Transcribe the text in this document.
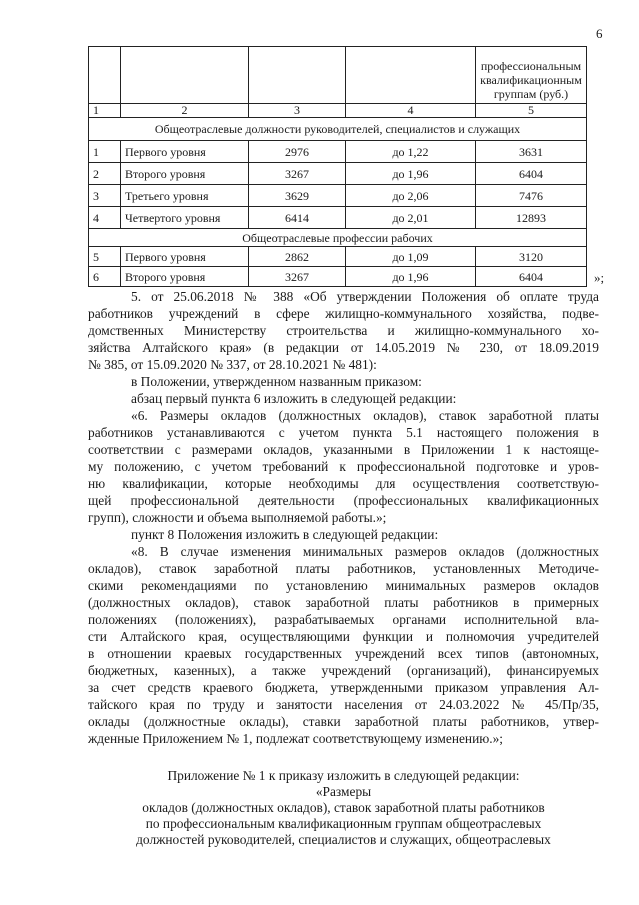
6

				профессиональным
квалификационным
группам (руб.)

1	2	3	4	5
Общеотраслевые должности руководителей, специалистов и служащих				
1	Первого уровня	2976	до 1,22	3631
2	Второго уровня	3267	до 1,96	6404
3	Третьего уровня	3629	до 2,06	7476
4	Четвертого уровня	6414	до 2,01	12893
Общеотраслевые профессии рабочих				
5	Первого уровня	2862	до 1,09	3120
6	Второго уровня	3267	до 1,96	6404	»;
5. от 25.06.2018 № 388 «Об утверждении Положения об оплате труда
работников учреждений в сфере жилищно-коммунального хозяйства, подве-
домственных Министерству строительства и жилищно-коммунального хо-
зяйства Алтайского края» (в редакции от 14.05.2019 № 230, от 18.09.2019
№ 385, от 15.09.2020 № 337, от 28.10.2021 № 481):
в Положении, утвержденном названным приказом:
абзац первый пункта 6 изложить в следующей редакции:
«6. Размеры окладов (должностных окладов), ставок заработной платы
работников устанавливаются с учетом пункта 5.1 настоящего положения в
соответствии с размерами окладов, указанными в Приложении 1 к настояще-
му положению, с учетом требований к профессиональной подготовке и уров-
ню квалификации, которые необходимы для осуществления соответствую-
щей профессиональной деятельности (профессиональных квалификационных
групп), сложности и объема выполняемой работы.»;
пункт 8 Положения изложить в следующей редакции:
«8. В случае изменения минимальных размеров окладов (должностных
окладов), ставок заработной платы работников, установленных Методиче-
скими рекомендациями по установлению минимальных размеров окладов
(должностных окладов), ставок заработной платы работников в примерных
положениях (положениях), разрабатываемых органами исполнительной вла-
сти Алтайского края, осуществляющими функции и полномочия учредителей
в отношении краевых государственных учреждений всех типов (автономных,
бюджетных, казенных), а также учреждений (организаций), финансируемых
за счет средств краевого бюджета, утвержденными приказом управления Ал-
тайского края по труду и занятости населения от 24.03.2022 № 45/Пр/35,
оклады (должностные оклады), ставки заработной платы работников, утвер-
жденные Приложением № 1, подлежат соответствующему изменению.»;
Приложение № 1 к приказу изложить в следующей редакции:
«Размеры
окладов (должностных окладов), ставок заработной платы работников
по профессиональным квалификационным группам общеотраслевых
должностей руководителей, специалистов и служащих, общеотраслевых
